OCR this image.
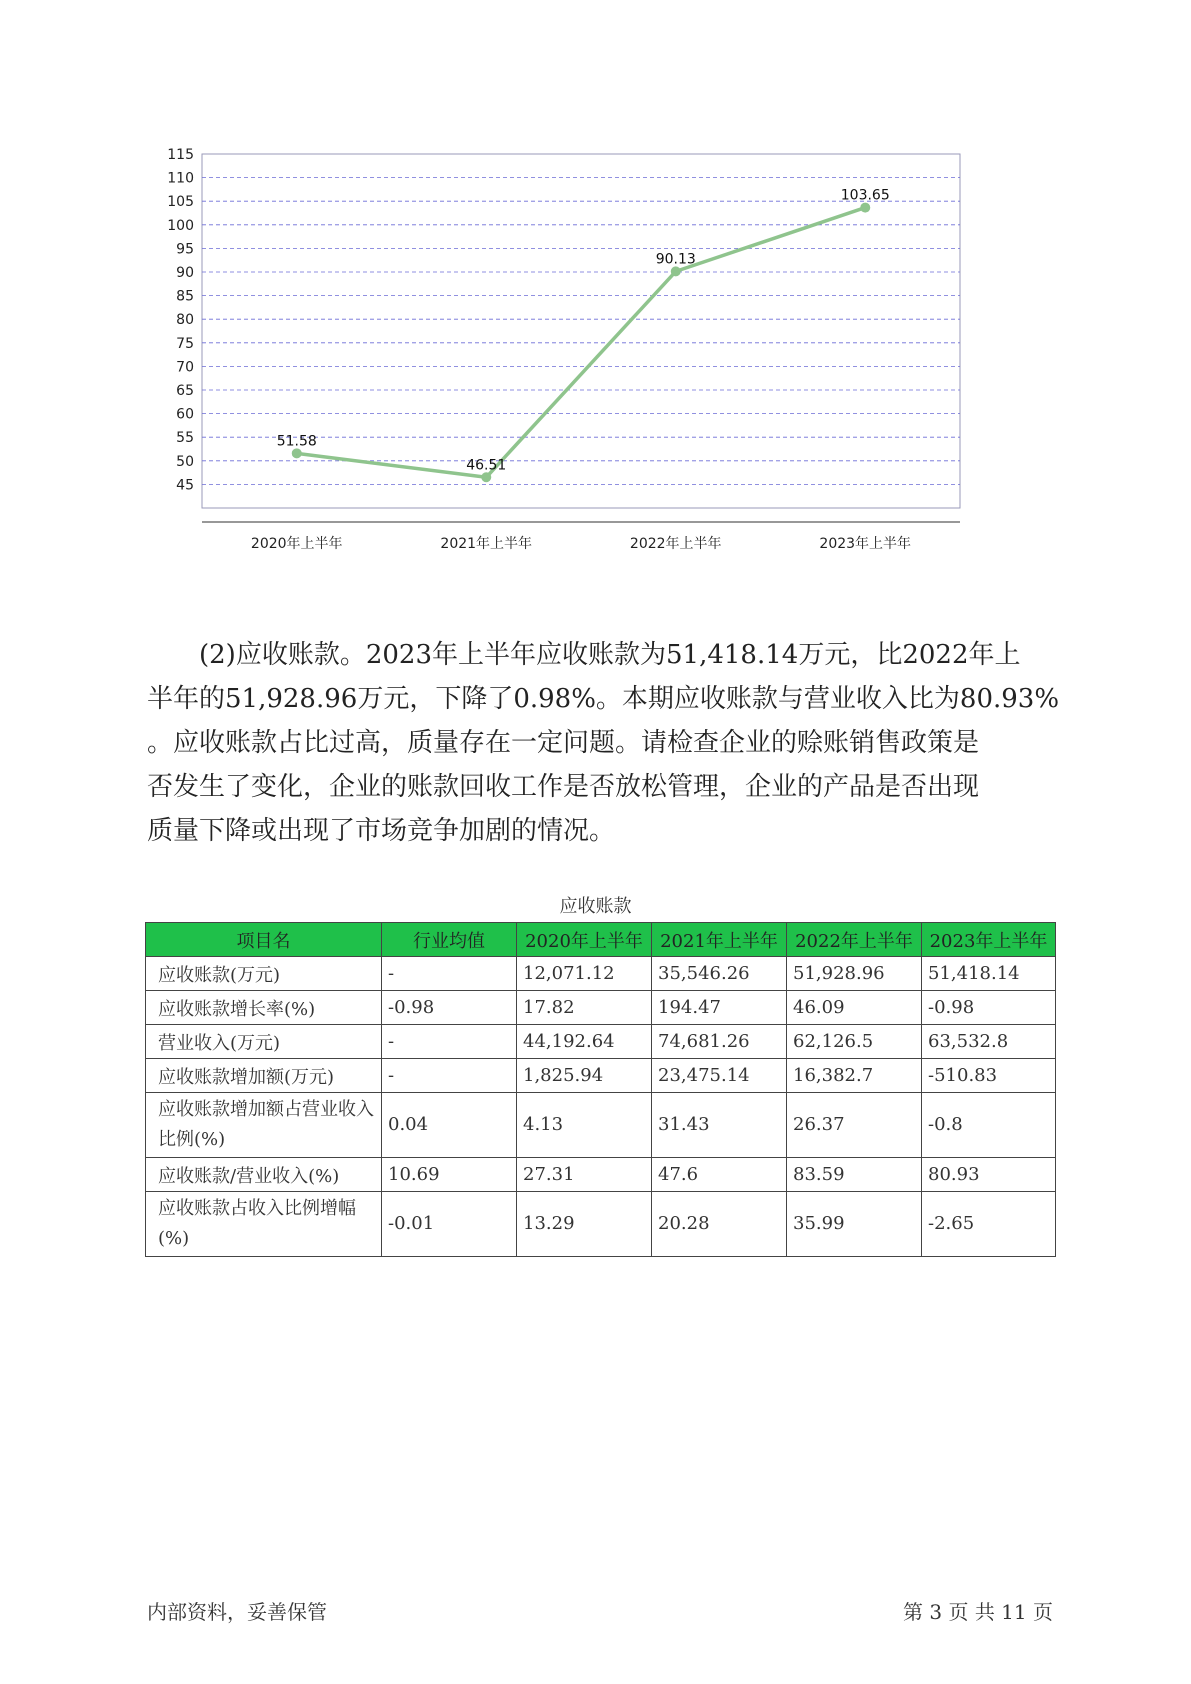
45
50
55
60
65
70
75
80
85
90
95
100
105
110
115
2020年上半年	2021年上半年	2022年上半年	2023年上半年
51.58
46.51
90.13
103.65

(2)应收账款。2023年上半年应收账款为51,418.14万元，比2022年上

半年的51,928.96万元，下降了0.98%。本期应收账款与营业收入比为80.93%

。应收账款占比过高，质量存在一定问题。请检查企业的赊账销售政策是

否发生了变化，企业的账款回收工作是否放松管理，企业的产品是否出现

质量下降或出现了市场竞争加剧的情况。

应收账款
项目名	行业均值	2020年上半年	2021年上半年	2022年上半年	2023年上半年
应收账款(万元)	-	12,071.12	35,546.26	51,928.96	51,418.14
应收账款增长率(%)	-0.98	17.82	194.47	46.09	-0.98
营业收入(万元)	-	44,192.64	74,681.26	62,126.5	63,532.8
应收账款增加额(万元)	-	1,825.94	23,475.14	16,382.7	-510.83
应收账款增加额占营业收入比例(%)	0.04	4.13	31.43	26.37	-0.8
应收账款/营业收入(%)	10.69	27.31	47.6	83.59	80.93
应收账款占收入比例增幅(%)	-0.01	13.29	20.28	35.99	-2.65
内部资料，妥善保管	第 3 页 共 11 页
